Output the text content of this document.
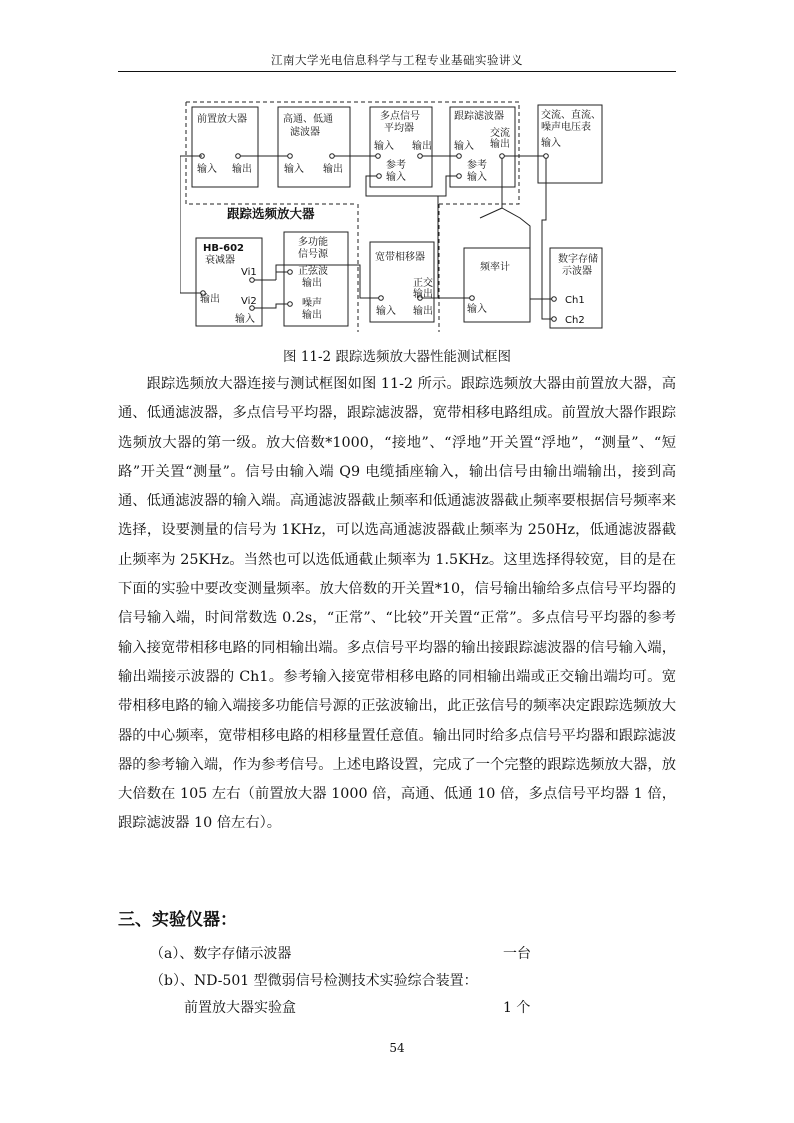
江南大学光电信息科学与工程专业基础实验讲义
跟踪选频放大器
前置放大器
输入 输出
高通、低通
滤波器
输入 输出
多点信号
平均器
输入 输出
参考
输入
跟踪滤波器
交流
输出
输入
参考
输入
交流、直流、
噪声电压表
输入
HB-602
衰减器
Vi1
输出 Vi2
输入
多功能
信号源
正弦波
输出
噪声
输出
宽带相移器
正交
输出
输入 输出
频率计
输入
数字存储
示波器
Ch1
Ch2
图 11-2 跟踪选频放大器性能测试框图

跟踪选频放大器连接与测试框图如图 11-2 所示。跟踪选频放大器由前置放大器，高通、低通滤波器，多点信号平均器，跟踪滤波器，宽带相移电路组成。前置放大器作跟踪选频放大器的第一级。放大倍数*1000，“接地”、“浮地”开关置“浮地”，“测量”、“短路”开关置“测量”。信号由输入端 Q9 电缆插座输入，输出信号由输出端输出，接到高通、低通滤波器的输入端。高通滤波器截止频率和低通滤波器截止频率要根据信号频率来选择，设要测量的信号为 1KHz，可以选高通滤波器截止频率为 250Hz，低通滤波器截止频率为 25KHz。当然也可以选低通截止频率为 1.5KHz。这里选择得较宽，目的是在下面的实验中要改变测量频率。放大倍数的开关置*10，信号输出输给多点信号平均器的信号输入端，时间常数选 0.2s，“正常”、“比较”开关置“正常”。多点信号平均器的参考输入接宽带相移电路的同相输出端。多点信号平均器的输出接跟踪滤波器的信号输入端，输出端接示波器的 Ch1。参考输入接宽带相移电路的同相输出端或正交输出端均可。宽带相移电路的输入端接多功能信号源的正弦波输出，此正弦信号的频率决定跟踪选频放大器的中心频率，宽带相移电路的相移量置任意值。输出同时给多点信号平均器和跟踪滤波器的参考输入端，作为参考信号。上述电路设置，完成了一个完整的跟踪选频放大器，放大倍数在 105 左右（前置放大器 1000 倍，高通、低通 10 倍，多点信号平均器 1 倍，跟踪滤波器 10 倍左右）。

三、实验仪器：
（a）、数字存储示波器	一台
（b）、ND-501 型微弱信号检测技术实验综合装置：
前置放大器实验盒	1 个
54
